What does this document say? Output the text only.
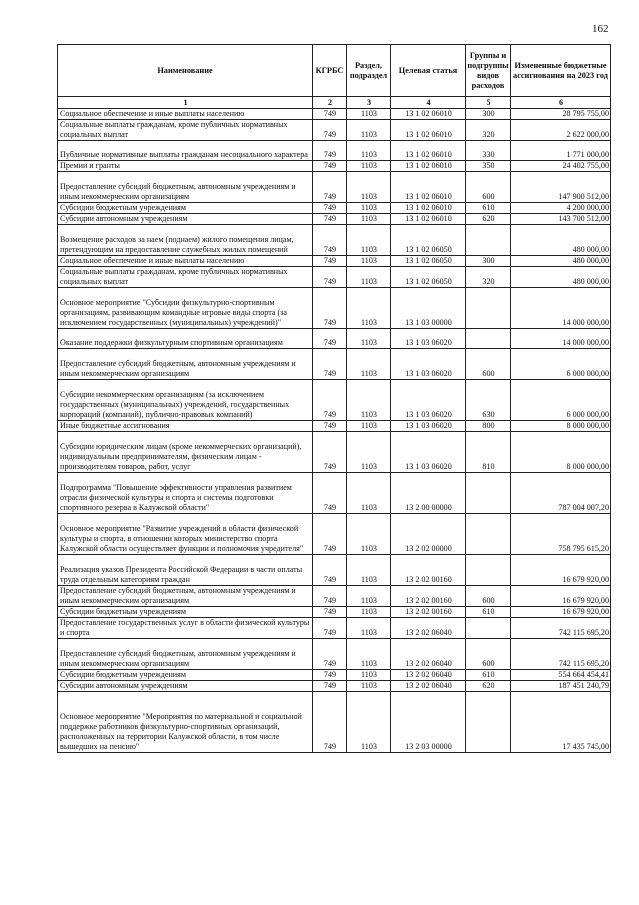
162
Наименование	КГРБС	Раздел, подраздел	Целевая статья	Группы и подгруппы видов расходов	Измененные бюджетные ассигнования на 2023 год
1	2	3	4	5	6
Социальное обеспечение и иные выплаты населению	749	1103	13 1 02 06010	300	28 795 755,00
Социальные выплаты гражданам, кроме публичных нормативных социальных выплат	749	1103	13 1 02 06010	320	2 622 000,00
Публичные нормативные выплаты гражданам несоциального характера	749	1103	13 1 02 06010	330	1 771 000,00
Премии и гранты	749	1103	13 1 02 06010	350	24 402 755,00
Предоставление субсидий бюджетным, автономным учреждениям и иным некоммерческим организациям	749	1103	13 1 02 06010	600	147 900 512,00
Субсидии бюджетным учреждениям	749	1103	13 1 02 06010	610	4 200 000,00
Субсидии автономным учреждениям	749	1103	13 1 02 06010	620	143 700 512,00
Возмещение расходов за наем (поднаем) жилого помещения лицам, претендующим на предоставление служебных жилых помещений	749	1103	13 1 02 06050		480 000,00
Социальное обеспечение и иные выплаты населению	749	1103	13 1 02 06050	300	480 000,00
Социальные выплаты гражданам, кроме публичных нормативных социальных выплат	749	1103	13 1 02 06050	320	480 000,00
Основное мероприятие "Субсидии физкультурно-спортивным организациям, развивающим командные игровые виды спорта (за исключением государственных (муниципальных) учреждений)"	749	1103	13 1 03 00000		14 000 000,00
Оказание поддержки физкультурным спортивным организациям	749	1103	13 1 03 06020		14 000 000,00
Предоставление субсидий бюджетным, автономным учреждениям и иным некоммерческим организациям	749	1103	13 1 03 06020	600	6 000 000,00
Субсидии некоммерческим организациям (за исключением государственных (муниципальных) учреждений, государственных корпораций (компаний), публично-правовых компаний)	749	1103	13 1 03 06020	630	6 000 000,00
Иные бюджетные ассигнования	749	1103	13 1 03 06020	800	8 000 000,00
Субсидии юридическим лицам (кроме некоммерческих организаций), индивидуальным предпринимателям, физическим лицам - производителям товаров, работ, услуг	749	1103	13 1 03 06020	810	8 000 000,00
Подпрограмма "Повышение эффективности управления развитием отрасли физической культуры и спорта и системы подготовки спортивного резерва в Калужской области"	749	1103	13 2 00 00000		787 004 007,20
Основное мероприятие "Развитие учреждений в области физической культуры и спорта, в отношении которых министерство спорта Калужской области осуществляет функции и полномочия учредителя"	749	1103	13 2 02 00000		758 795 615,20
Реализация указов Президента Российской Федерации в части оплаты труда отдельным категориям граждан	749	1103	13 2 02 00160		16 679 920,00
Предоставление субсидий бюджетным, автономным учреждениям и иным некоммерческим организациям	749	1103	13 2 02 00160	600	16 679 920,00
Субсидии бюджетным учреждениям	749	1103	13 2 02 00160	610	16 679 920,00
Предоставление государственных услуг в области физической культуры и спорта	749	1103	13 2 02 06040		742 115 695,20
Предоставление субсидий бюджетным, автономным учреждениям и иным некоммерческим организациям	749	1103	13 2 02 06040	600	742 115 695,20
Субсидии бюджетным учреждениям	749	1103	13 2 02 06040	610	554 664 454,41
Субсидии автономным учреждениям	749	1103	13 2 02 06040	620	187 451 240,79
Основное мероприятие "Мероприятия по материальной и социальной поддержке работников физкультурно-спортивных организаций, расположенных на территории Калужской области, в том числе вышедших на пенсию"	749	1103	13 2 03 00000		17 435 745,00
